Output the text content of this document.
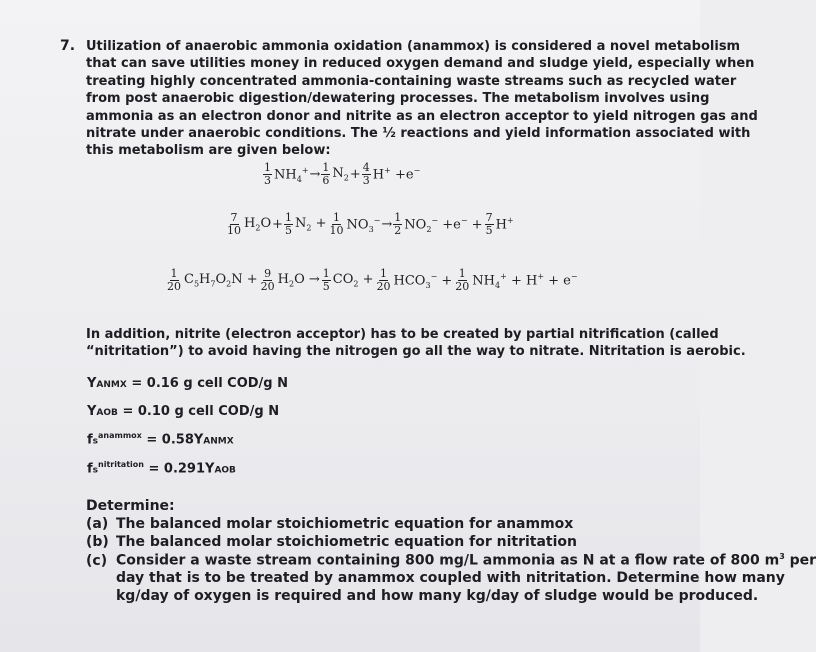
7. Utilization of anaerobic ammonia oxidation (anammox) is considered a novel metabolism
that can save utilities money in reduced oxygen demand and sludge yield, especially when
treating highly concentrated ammonia-containing waste streams such as recycled water
from post anaerobic digestion/dewatering processes. The metabolism involves using
ammonia as an electron donor and nitrite as an electron acceptor to yield nitrogen gas and
nitrate under anaerobic conditions. The ½ reactions and yield information associated with
this metabolism are given below:
$\frac{1}{3} NH_4^+ \to \frac{1}{6} N_2 + \frac{4}{3} H^+ +e^-$
$\frac{7}{10} H_2O + \frac{1}{5} N_2 + \frac{1}{10} NO_3^- \to \frac{1}{2} NO_2^- +e^- + \frac{7}{5} H^+$
$\frac{1}{20} C_5H_7O_2N + \frac{9}{20} H_2O \to \frac{1}{5} CO_2 + \frac{1}{20} HCO_3^- + \frac{1}{20} NH_4^+ + H^+ + e^-$
In addition, nitrite (electron acceptor) has to be created by partial nitrification (called
“nitritation”) to avoid having the nitrogen go all the way to nitrate. Nitritation is aerobic.
YANMX = 0.16 g cell COD/g N
YAOB = 0.10 g cell COD/g N
$fs^{anammox}$ = 0.58YANMX
$fs^{nitritation}$ = 0.291YAOB
Determine:
(a) The balanced molar stoichiometric equation for anammox
(b) The balanced molar stoichiometric equation for nitritation
(c) Consider a waste stream containing 800 mg/L ammonia as N at a flow rate of 800 $m^3$ per
day that is to be treated by anammox coupled with nitritation. Determine how many
kg/day of oxygen is required and how many kg/day of sludge would be produced.
